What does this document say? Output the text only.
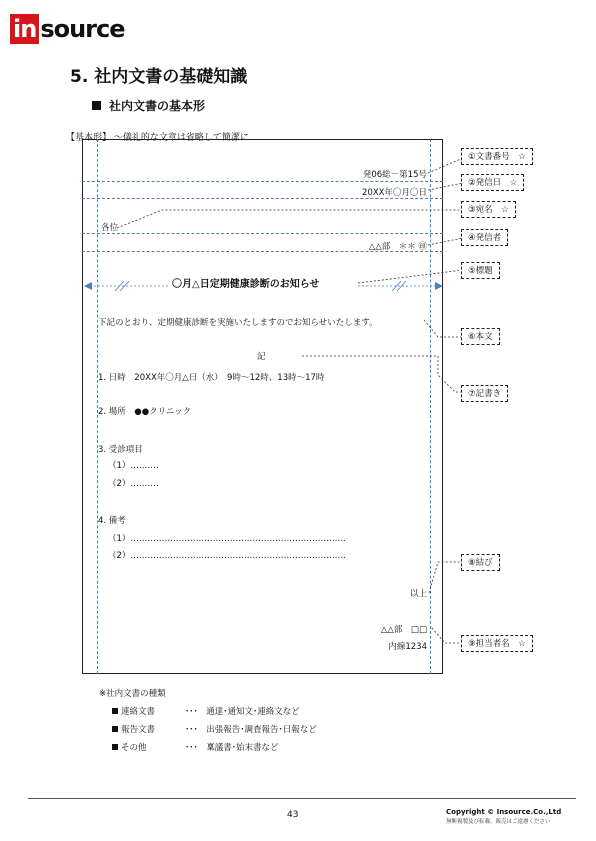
in source
5. 社内文書の基礎知識
社内文書の基本形
【基本形】 ～儀礼的な文章は省略して簡潔に
発06総－第15号
20XX年〇月〇日
各位
△△部　＊＊ ㊞
〇月△日定期健康診断のお知らせ
下記のとおり、定期健康診断を実施いたしますのでお知らせいたします。
記
1. 日時　20XX年〇月△日（水）　9時～12時、13時～17時
2. 場所　●●クリニック
3. 受診項目
（1）‥‥‥‥‥
（2）‥‥‥‥‥
4. 備考
（1）‥‥‥‥‥‥‥‥‥‥‥‥‥‥‥‥‥‥‥‥‥‥‥‥‥‥‥‥‥‥‥‥‥‥‥‥‥‥
（2）‥‥‥‥‥‥‥‥‥‥‥‥‥‥‥‥‥‥‥‥‥‥‥‥‥‥‥‥‥‥‥‥‥‥‥‥‥‥
以上
△△部　□□
内線1234
①文書番号　☆
②発信日　☆
③宛名　☆
④発信者
⑤標題
⑥本文
⑦記書き
⑧結び
⑨担当者名　☆
※社内文書の種類
連絡文書	･･･　通達･通知文･連絡文など
報告文書	･･･　出張報告･調査報告･日報など
その他	･･･　稟議書･始末書など
43	Copyright © Insource.Co.,Ltd
無断複製及び転載、販売はご遠慮ください
